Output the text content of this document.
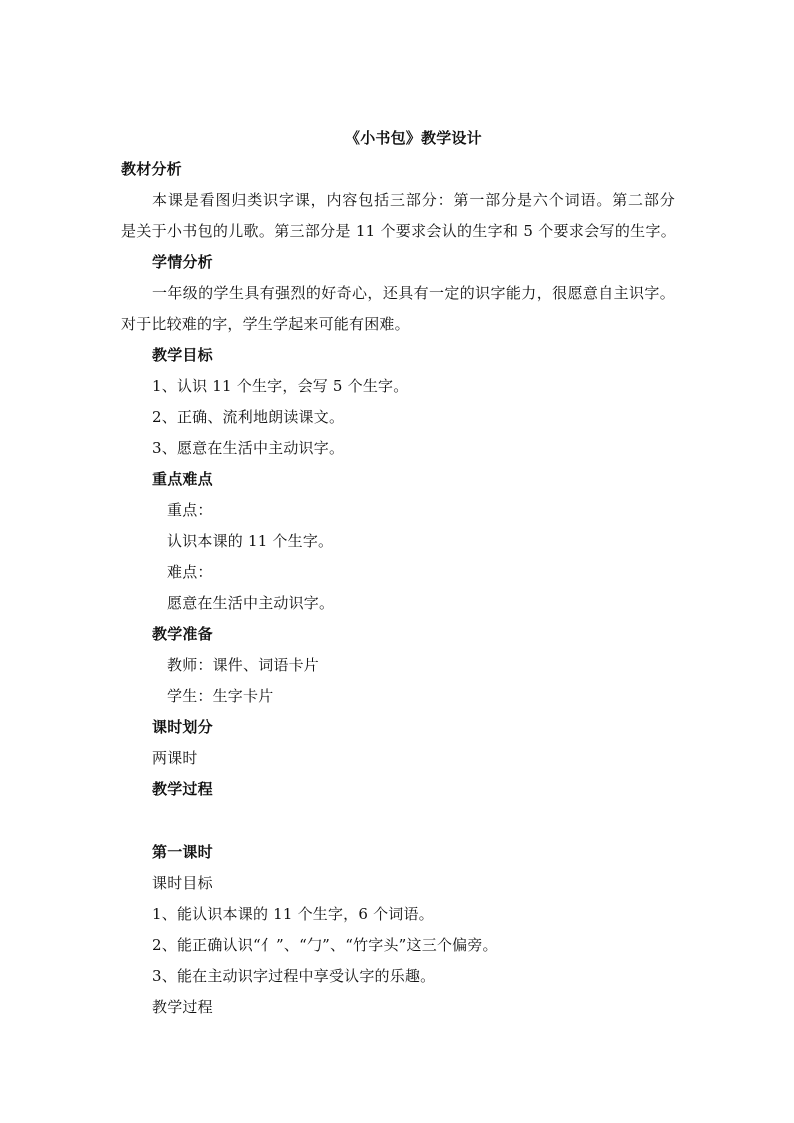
《小书包》教学设计
教材分析
本课是看图归类识字课，内容包括三部分：第一部分是六个词语。第二部分
是关于小书包的儿歌。第三部分是 11 个要求会认的生字和 5 个要求会写的生字。
学情分析
一年级的学生具有强烈的好奇心，还具有一定的识字能力，很愿意自主识字。
对于比较难的字，学生学起来可能有困难。
教学目标
1、认识 11 个生字，会写 5 个生字。
2、正确、流利地朗读课文。
3、愿意在生活中主动识字。
重点难点
重点：
认识本课的 11 个生字。
难点：
愿意在生活中主动识字。
教学准备
教师：课件、词语卡片
学生：生字卡片
课时划分
两课时
教学过程
第一课时
课时目标
1、能认识本课的 11 个生字，6 个词语。
2、能正确认识“亻”、“勹”、“竹字头”这三个偏旁。
3、能在主动识字过程中享受认字的乐趣。
教学过程
